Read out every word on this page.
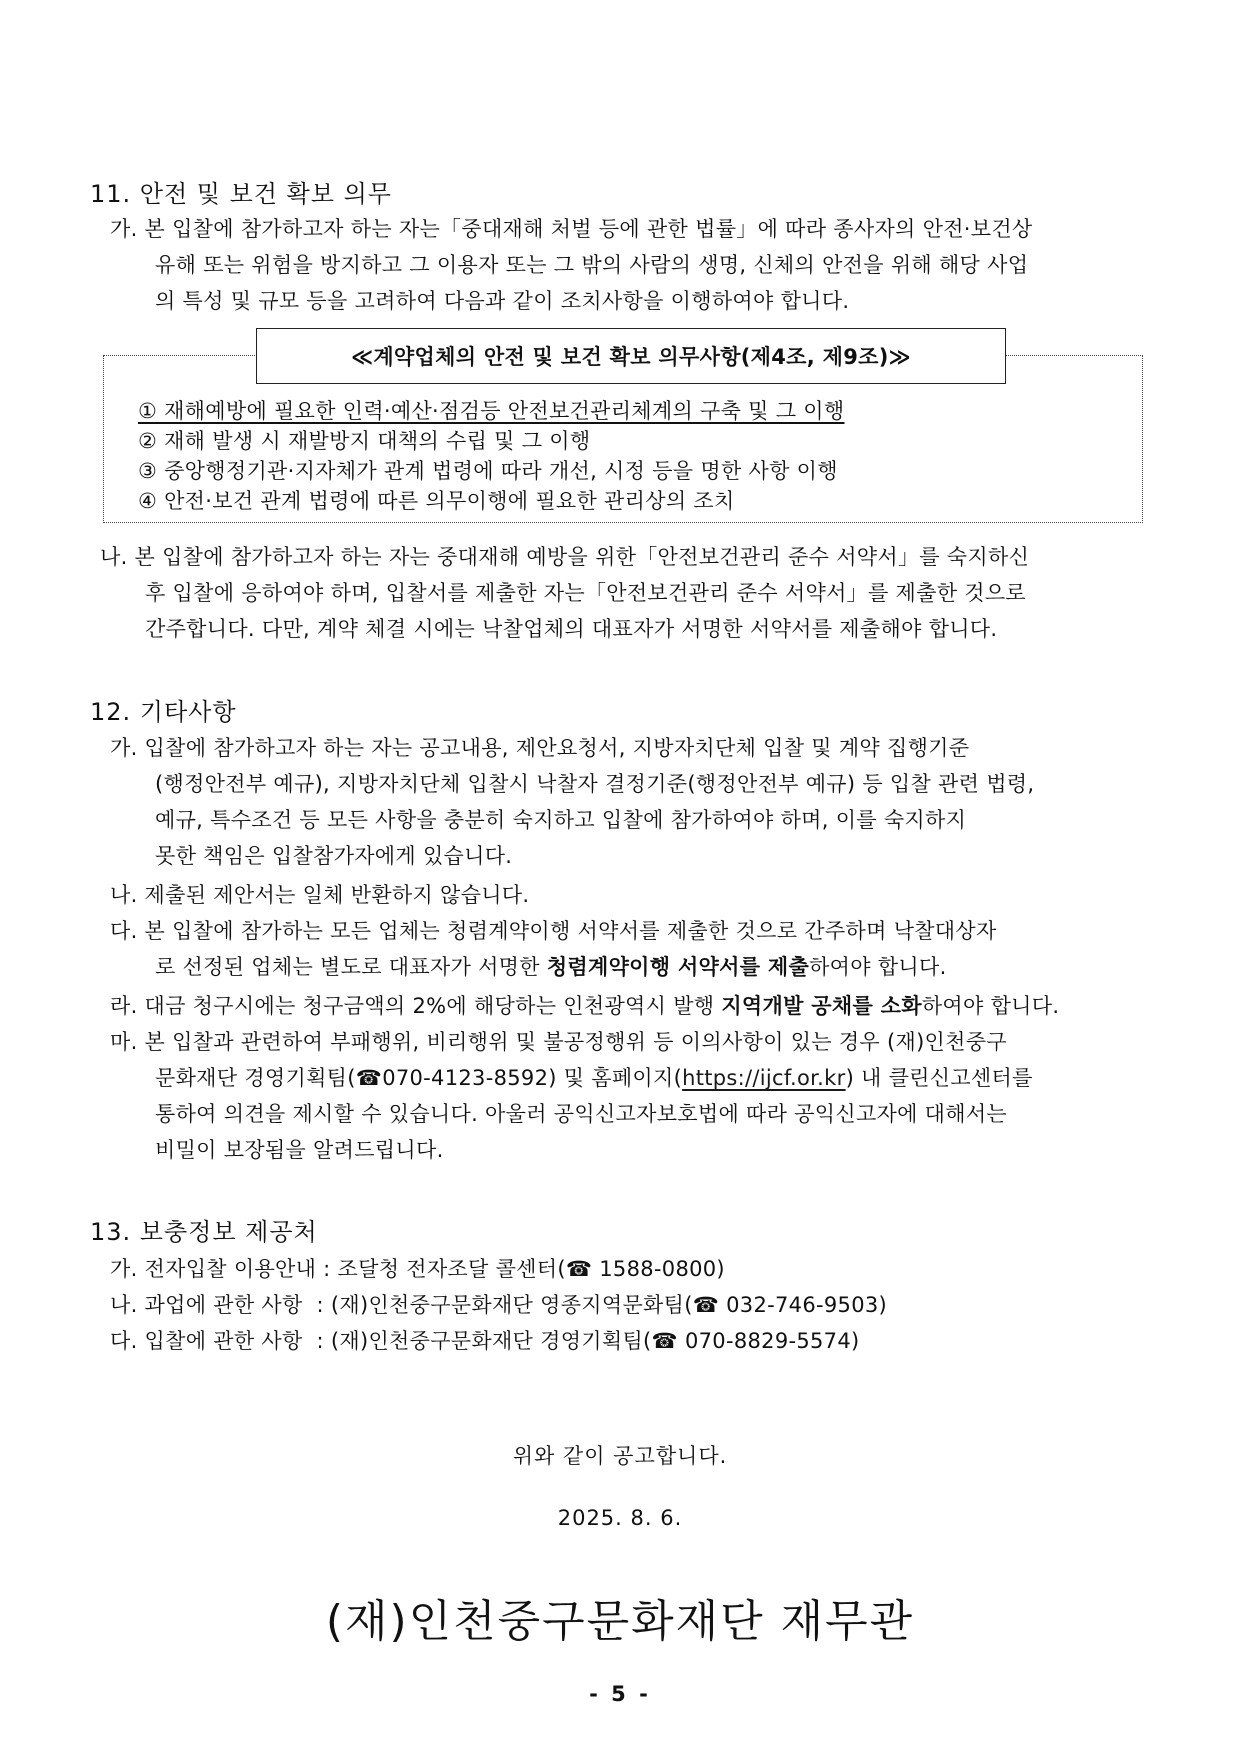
11. 안전 및 보건 확보 의무
가. 본 입찰에 참가하고자 하는 자는「중대재해 처벌 등에 관한 법률」에 따라 종사자의 안전·보건상
유해 또는 위험을 방지하고 그 이용자 또는 그 밖의 사람의 생명, 신체의 안전을 위해 해당 사업
의 특성 및 규모 등을 고려하여 다음과 같이 조치사항을 이행하여야 합니다.
≪계약업체의 안전 및 보건 확보 의무사항(제4조, 제9조)≫
① 재해예방에 필요한 인력·예산·점검등 안전보건관리체계의 구축 및 그 이행
② 재해 발생 시 재발방지 대책의 수립 및 그 이행
③ 중앙행정기관·지자체가 관계 법령에 따라 개선, 시정 등을 명한 사항 이행
④ 안전·보건 관계 법령에 따른 의무이행에 필요한 관리상의 조치
나. 본 입찰에 참가하고자 하는 자는 중대재해 예방을 위한「안전보건관리 준수 서약서」를 숙지하신
후 입찰에 응하여야 하며, 입찰서를 제출한 자는「안전보건관리 준수 서약서」를 제출한 것으로
간주합니다. 다만, 계약 체결 시에는 낙찰업체의 대표자가 서명한 서약서를 제출해야 합니다.
12. 기타사항
가. 입찰에 참가하고자 하는 자는 공고내용, 제안요청서, 지방자치단체 입찰 및 계약 집행기준
(행정안전부 예규), 지방자치단체 입찰시 낙찰자 결정기준(행정안전부 예규) 등 입찰 관련 법령,
예규, 특수조건 등 모든 사항을 충분히 숙지하고 입찰에 참가하여야 하며, 이를 숙지하지
못한 책임은 입찰참가자에게 있습니다.
나. 제출된 제안서는 일체 반환하지 않습니다.
다. 본 입찰에 참가하는 모든 업체는 청렴계약이행 서약서를 제출한 것으로 간주하며 낙찰대상자
로 선정된 업체는 별도로 대표자가 서명한 청렴계약이행 서약서를 제출하여야 합니다.
라. 대금 청구시에는 청구금액의 2%에 해당하는 인천광역시 발행 지역개발 공채를 소화하여야 합니다.
마. 본 입찰과 관련하여 부패행위, 비리행위 및 불공정행위 등 이의사항이 있는 경우 (재)인천중구
문화재단 경영기획팀(☎070-4123-8592) 및 홈페이지(https://ijcf.or.kr) 내 클린신고센터를
통하여 의견을 제시할 수 있습니다. 아울러 공익신고자보호법에 따라 공익신고자에 대해서는
비밀이 보장됨을 알려드립니다.
13. 보충정보 제공처
가. 전자입찰 이용안내 : 조달청 전자조달 콜센터(☎ 1588-0800)
나. 과업에 관한 사항  : (재)인천중구문화재단 영종지역문화팀(☎ 032-746-9503)
다. 입찰에 관한 사항  : (재)인천중구문화재단 경영기획팀(☎ 070-8829-5574)
위와 같이 공고합니다.
2025. 8. 6.
(재)인천중구문화재단 재무관
- 5 -
